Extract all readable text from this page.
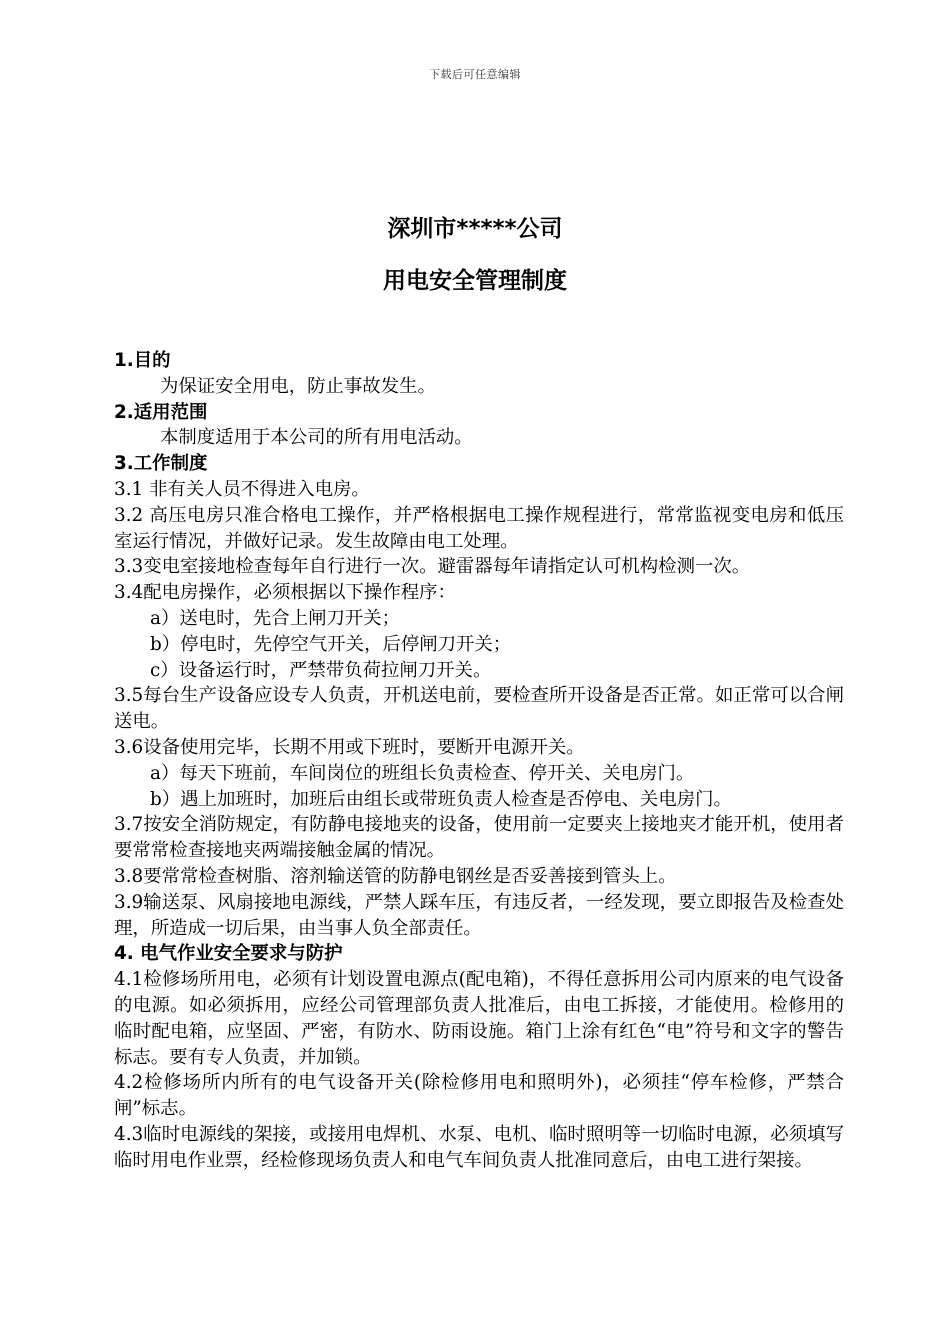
下载后可任意编辑
深圳市*****公司
用电安全管理制度

1.目的

为保证安全用电，防止事故发生。

2.适用范围

本制度适用于本公司的所有用电活动。

3.工作制度

3.1 非有关人员不得进入电房。

3.2 高压电房只准合格电工操作，并严格根据电工操作规程进行，常常监视变电房和低压室运行情况，并做好记录。发生故障由电工处理。

3.3变电室接地检查每年自行进行一次。避雷器每年请指定认可机构检测一次。

3.4配电房操作，必须根据以下操作程序：

a）送电时，先合上闸刀开关；

b）停电时，先停空气开关，后停闸刀开关；

c）设备运行时，严禁带负荷拉闸刀开关。

3.5每台生产设备应设专人负责，开机送电前，要检查所开设备是否正常。如正常可以合闸送电。

3.6设备使用完毕，长期不用或下班时，要断开电源开关。

a）每天下班前，车间岗位的班组长负责检查、停开关、关电房门。

b）遇上加班时，加班后由组长或带班负责人检查是否停电、关电房门。

3.7按安全消防规定，有防静电接地夹的设备，使用前一定要夹上接地夹才能开机，使用者要常常检查接地夹两端接触金属的情况。

3.8要常常检查树脂、溶剂输送管的防静电钢丝是否妥善接到管头上。

3.9输送泵、风扇接地电源线，严禁人踩车压，有违反者，一经发现，要立即报告及检查处理，所造成一切后果，由当事人负全部责任。

4. 电气作业安全要求与防护

4.1检修场所用电，必须有计划设置电源点(配电箱)，不得任意拆用公司内原来的电气设备的电源。如必须拆用，应经公司管理部负责人批准后，由电工拆接，才能使用。检修用的临时配电箱，应坚固、严密，有防水、防雨设施。箱门上涂有红色“电”符号和文字的警告标志。要有专人负责，并加锁。

4.2检修场所内所有的电气设备开关(除检修用电和照明外)，必须挂“停车检修，严禁合闸”标志。

4.3临时电源线的架接，或接用电焊机、水泵、电机、临时照明等一切临时电源，必须填写临时用电作业票，经检修现场负责人和电气车间负责人批准同意后，由电工进行架接。
